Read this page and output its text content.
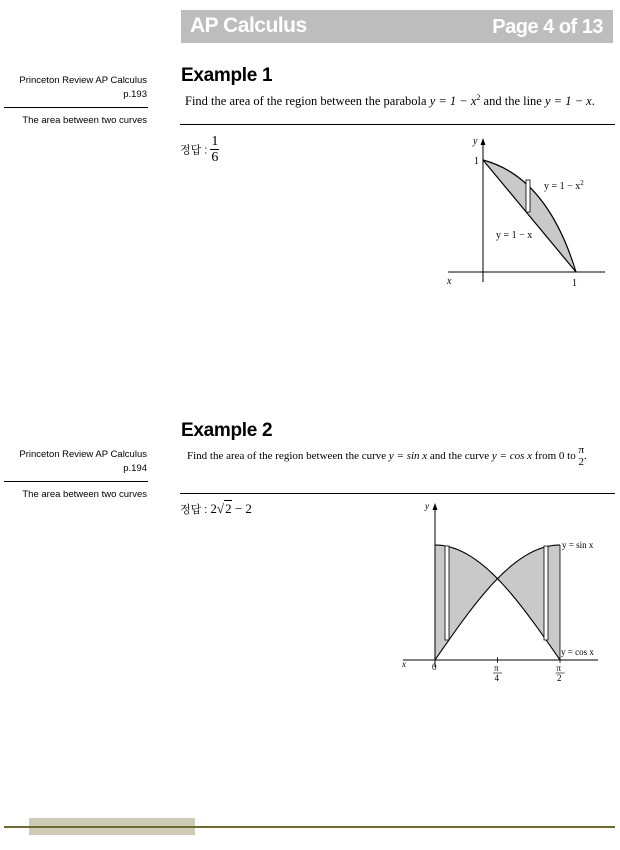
AP Calculus	Page 4 of 13
Princeton Review AP Calculus
p.193
The area between two curves
Example 1
Find the area of the region between the parabola $y = 1 - x^2$ and the line y = 1 − x.
정답 : $\frac{1}{6}$	y
x
1
1
$y = 1 - x^2$
y = 1 − x
Princeton Review AP Calculus
p.194
The area between two curves
Example 2
Find the area of the region between the curve y = sin x and the curve y = cos x from 0 to π
2 .
정답 : 2√2 − 2	y
x	0	π
4
π
2
y = sin x
y = cos x
